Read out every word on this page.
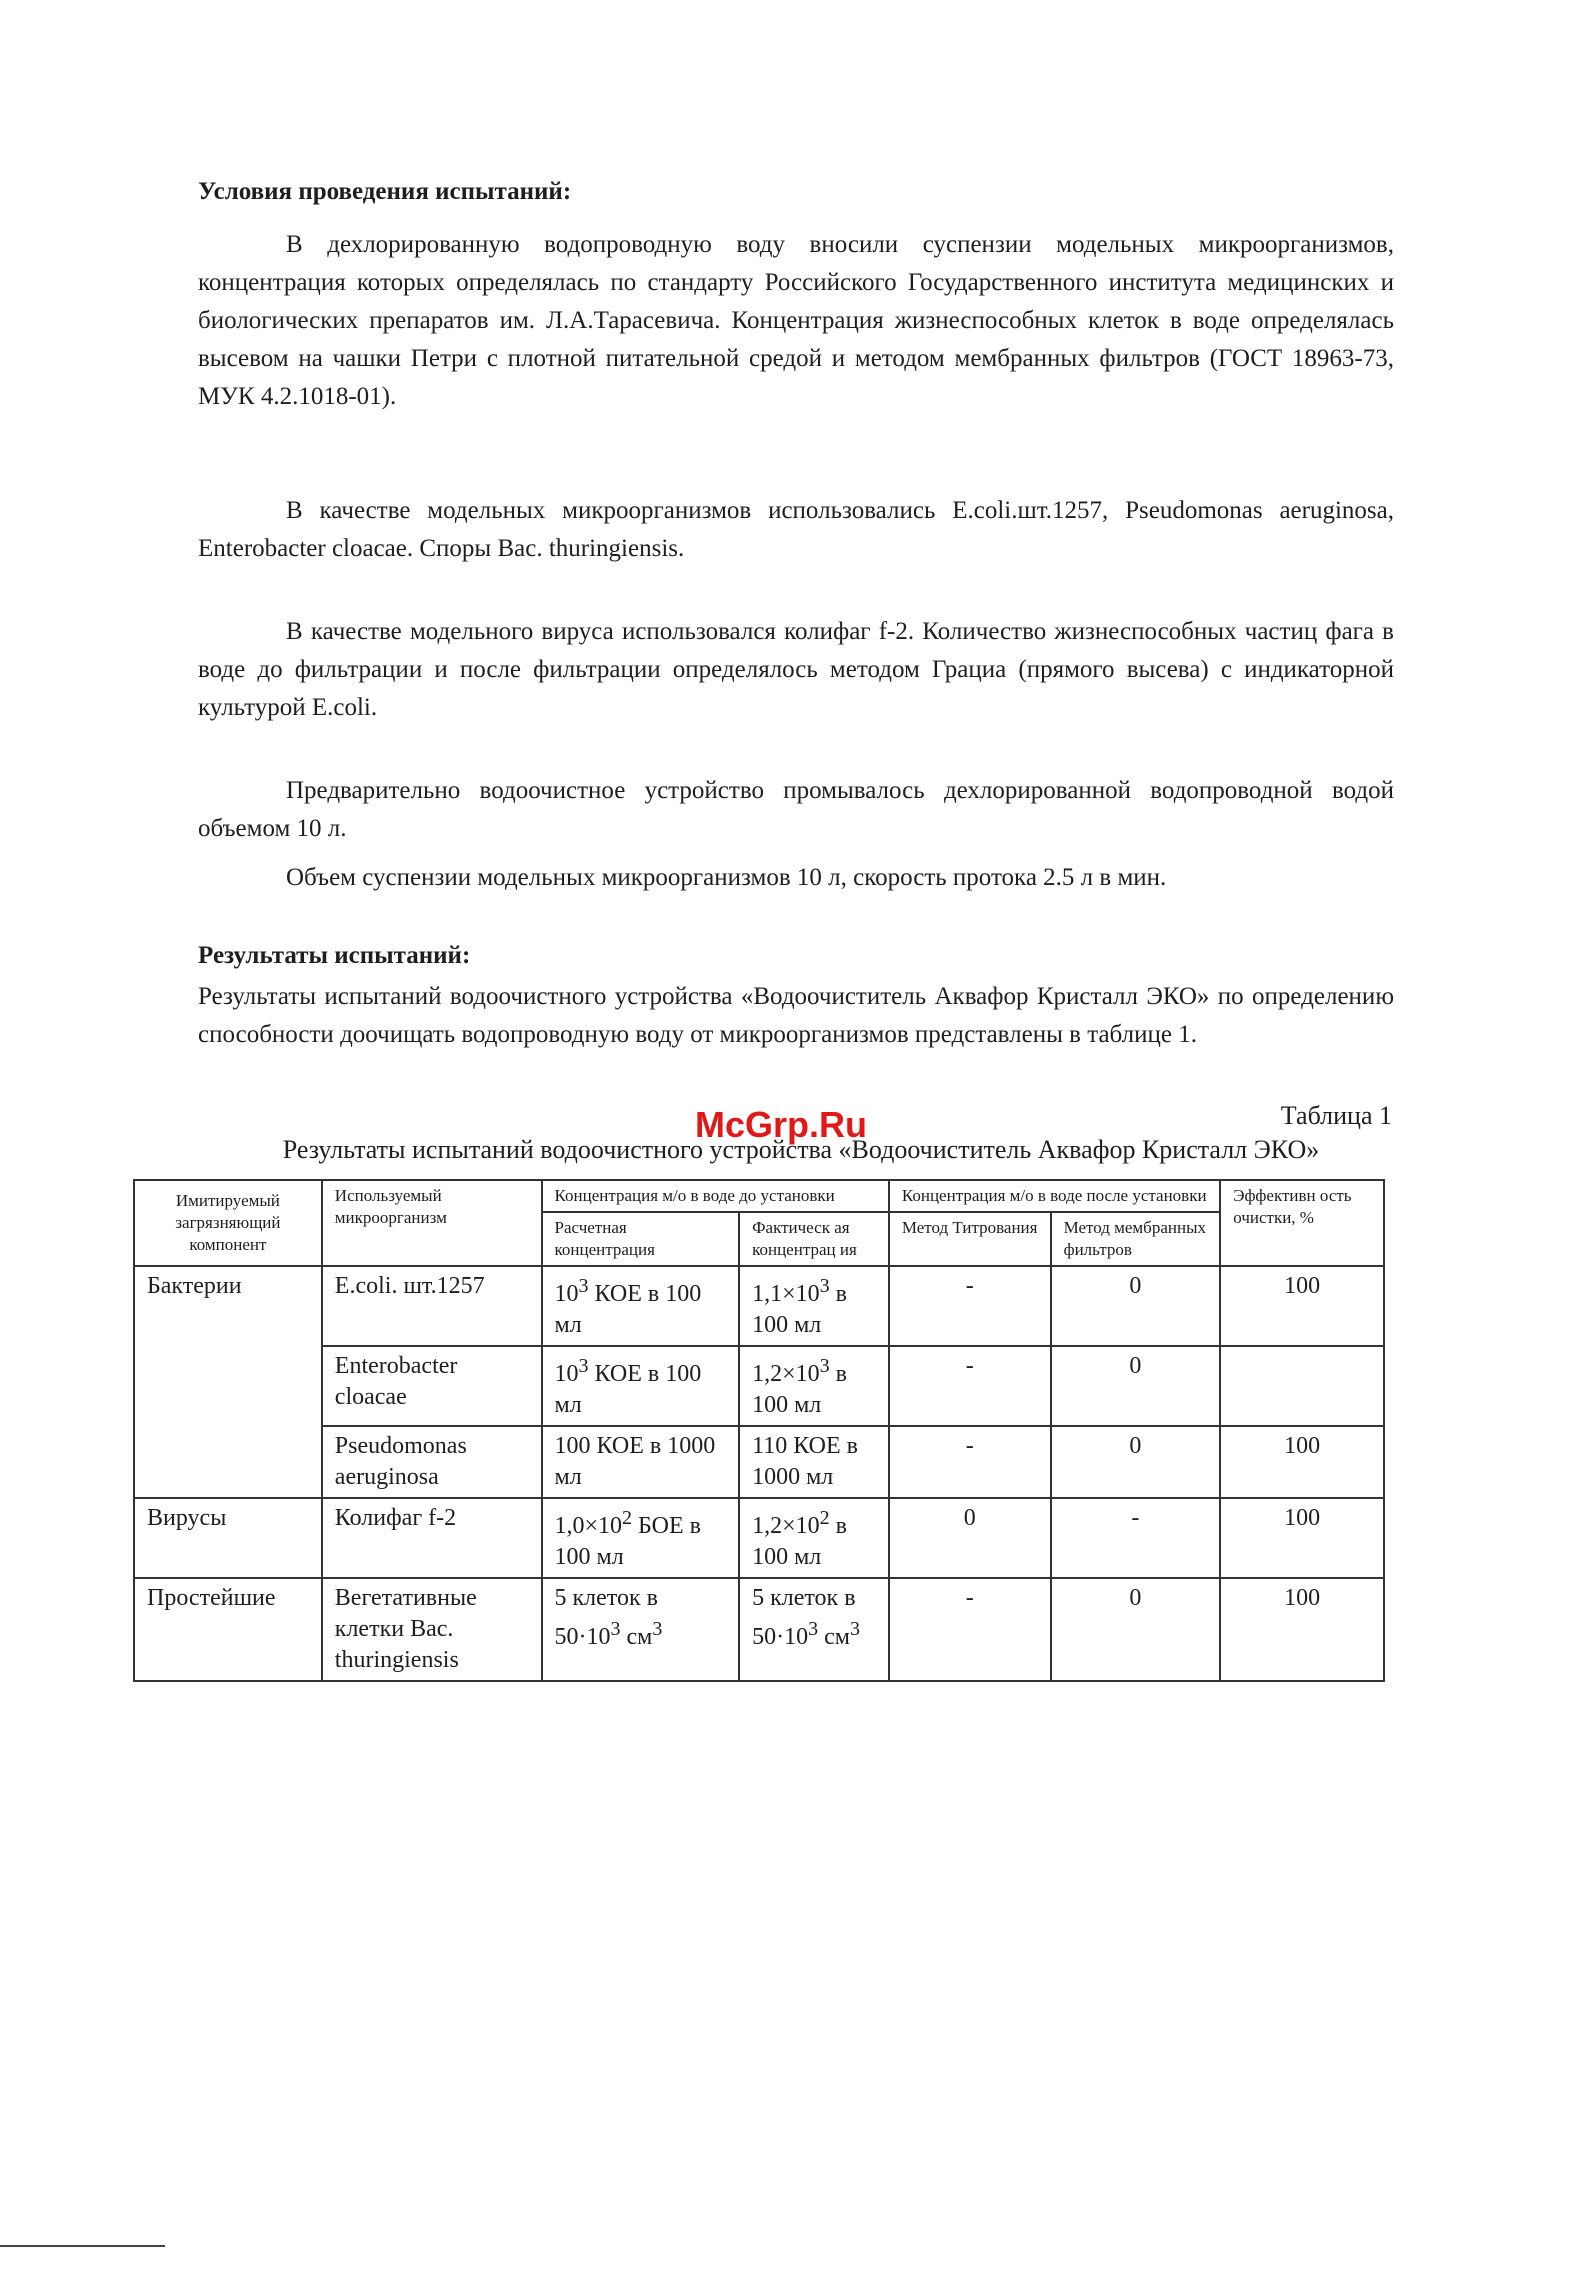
Условия проведения испытаний:
В дехлорированную водопроводную воду вносили суспензии модельных микроорганизмов, концентрация которых определялась по стандарту Российского Государственного института медицинских и биологических препаратов им. Л.А.Тарасевича. Концентрация жизнеспособных клеток в воде определялась высевом на чашки Петри с плотной питательной средой и методом мембранных фильтров (ГОСТ 18963-73, МУК 4.2.1018-01).
В качестве модельных микроорганизмов использовались E.coli.шт.1257, Pseudomonas aeruginosa, Enterobacter cloacae. Споры Bac. thuringiensis.
В качестве модельного вируса использовался колифаг f-2. Количество жизнеспособных частиц фага в воде до фильтрации и после фильтрации определялось методом Грациа (прямого высева) с индикаторной культурой E.coli.
Предварительно водоочистное устройство промывалось дехлорированной водопроводной водой объемом 10 л.
Объем суспензии модельных микроорганизмов 10 л, скорость протока 2.5 л в мин.
Результаты испытаний:
Результаты испытаний водоочистного устройства «Водоочиститель Аквафор Кристалл ЭКО» по определению способности доочищать водопроводную воду от микроорганизмов представлены в таблице 1.
Таблица 1
Результаты испытаний водоочистного устройства «Водоочиститель Аквафор Кристалл ЭКО»
Имитируемый загрязняющий компонент	Используемый микроорганизм	Концентрация м/о в воде до установки		Концентрация м/о в воде после установки		Эффективн ость очистки, %
		Расчетная концентрация	Фактическ ая концентрац ия	Метод Титрования	Метод мембранных фильтров	
Бактерии	E.coli. шт.1257	$10^3$ КОЕ в 100 мл	$1,1\times 10^3$ в 100 мл	-	0	100
	Enterobacter cloacae	$10^3$ КОЕ в 100 мл	$1,2\times 10^3$ в 100 мл	-	0	
	Pseudomonas aeruginosa	100 КОЕ в 1000 мл	110 КОЕ в 1000 мл	-	0	100
Вирусы	Колифаг f-2	$1,0\times 10^2$ БОЕ в 100 мл	$1,2\times 10^2$ в 100 мл	0	-	100
Простейшие	Вегетативные клетки Bac. thuringiensis	5 клеток в $50\cdot 10^3$ $см^3$	5 клеток в $50\cdot 10^3$ $см^3$	-	0	100
McGrp.Ru
